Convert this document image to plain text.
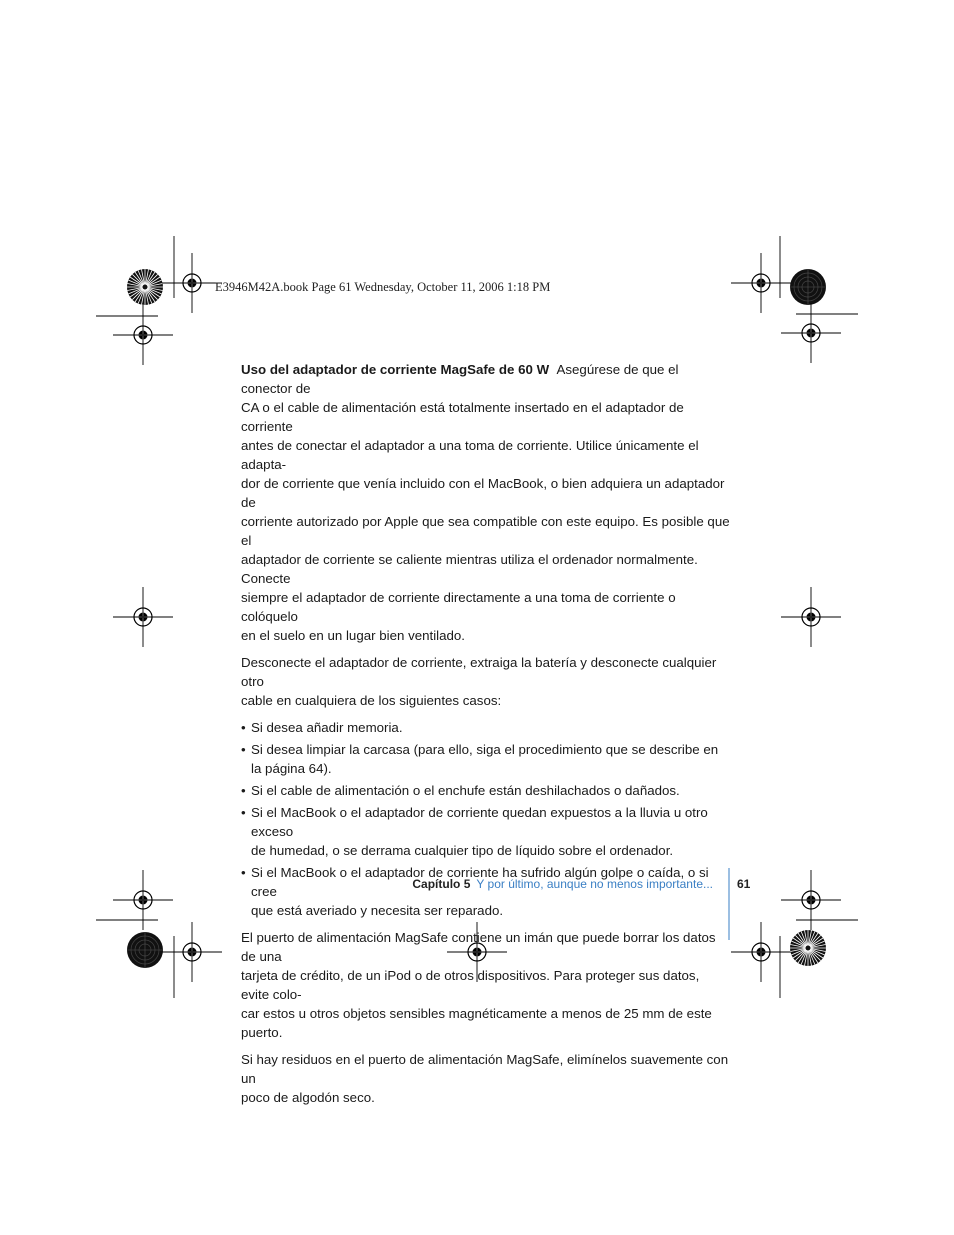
E3946M42A.book Page 61 Wednesday, October 11, 2006 1:18 PM

Uso del adaptador de corriente MagSafe de 60 W Asegúrese de que el conector de
CA o el cable de alimentación está totalmente insertado en el adaptador de corriente
antes de conectar el adaptador a una toma de corriente. Utilice únicamente el adapta-
dor de corriente que venía incluido con el MacBook, o bien adquiera un adaptador de
corriente autorizado por Apple que sea compatible con este equipo. Es posible que el
adaptador de corriente se caliente mientras utiliza el ordenador normalmente. Conecte
siempre el adaptador de corriente directamente a una toma de corriente o colóquelo
en el suelo en un lugar bien ventilado.

Desconecte el adaptador de corriente, extraiga la batería y desconecte cualquier otro
cable en cualquiera de los siguientes casos:

• Si desea añadir memoria.
• Si desea limpiar la carcasa (para ello, siga el procedimiento que se describe en
la página 64).
• Si el cable de alimentación o el enchufe están deshilachados o dañados.
• Si el MacBook o el adaptador de corriente quedan expuestos a la lluvia u otro exceso
de humedad, o se derrama cualquier tipo de líquido sobre el ordenador.
• Si el MacBook o el adaptador de corriente ha sufrido algún golpe o caída, o si cree
que está averiado y necesita ser reparado.

El puerto de alimentación MagSafe contiene un imán que puede borrar los datos de una
tarjeta de crédito, de un iPod o de otros dispositivos. Para proteger sus datos, evite colo-
car estos u otros objetos sensibles magnéticamente a menos de 25 mm de este puerto.

Si hay residuos en el puerto de alimentación MagSafe, elimínelos suavemente con un
poco de algodón seco.

Capítulo 5 Y por último, aunque no menos importante... 61
